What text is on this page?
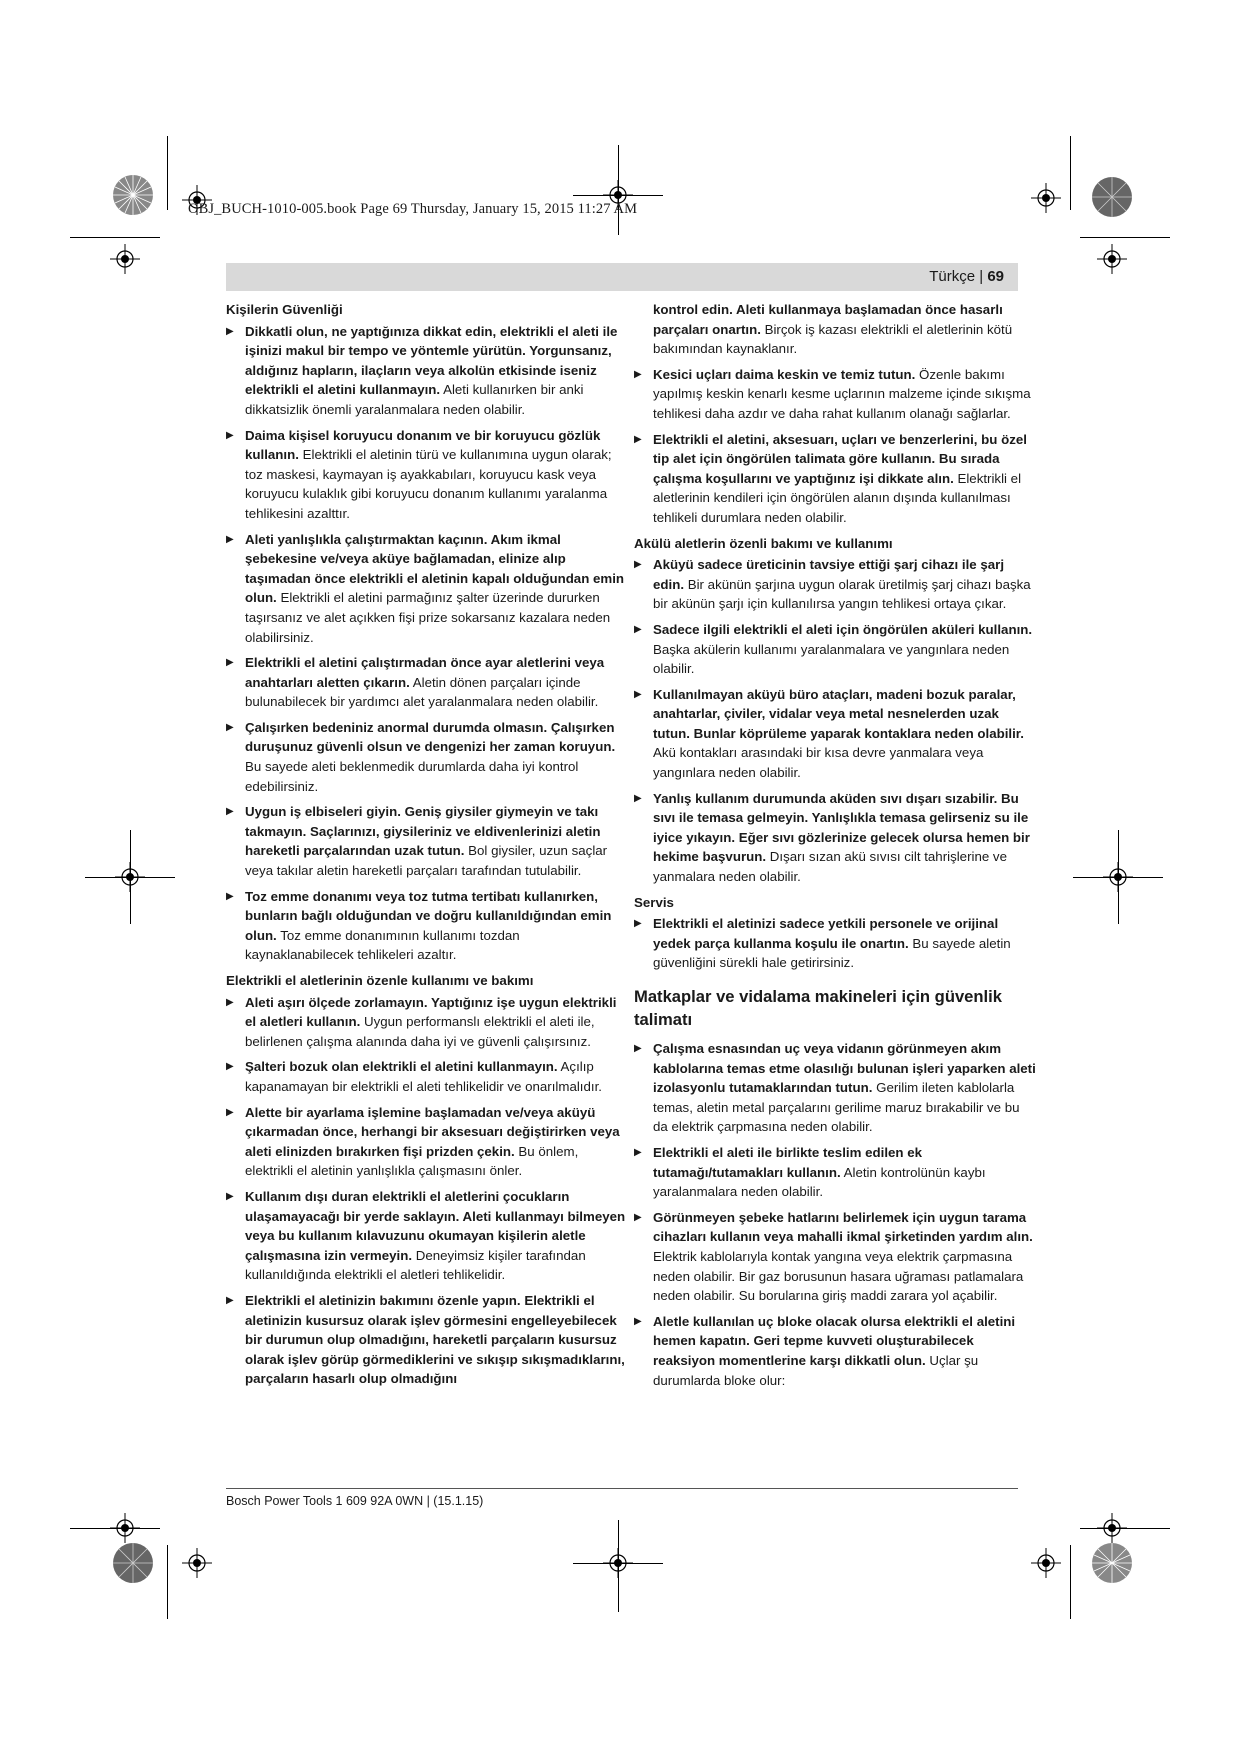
OBJ_BUCH-1010-005.book Page 69 Thursday, January 15, 2015 11:27 AM
Türkçe | 69
Kişilerin Güvenliği
▶ Dikkatli olun, ne yaptığınıza dikkat edin, elektrikli el aleti ile işinizi makul bir tempo ve yöntemle yürütün. Yorgunsanız, aldığınız hapların, ilaçların veya alkolün etkisinde iseniz elektrikli el aletini kullanmayın. Aleti kullanırken bir anki dikkatsizlik önemli yaralanmalara neden olabilir.
▶ Daima kişisel koruyucu donanım ve bir koruyucu gözlük kullanın. Elektrikli el aletinin türü ve kullanımına uygun olarak; toz maskesi, kaymayan iş ayakkabıları, koruyucu kask veya koruyucu kulaklık gibi koruyucu donanım kullanımı yaralanma tehlikesini azalttır.
▶ Aleti yanlışlıkla çalıştırmaktan kaçının. Akım ikmal şebekesine ve/veya aküye bağlamadan, elinize alıp taşımadan önce elektrikli el aletinin kapalı olduğundan emin olun. Elektrikli el aletini parmağınız şalter üzerinde dururken taşırsanız ve alet açıkken fişi prize sokarsanız kazalara neden olabilirsiniz.
▶ Elektrikli el aletini çalıştırmadan önce ayar aletlerini veya anahtarları aletten çıkarın. Aletin dönen parçaları içinde bulunabilecek bir yardımcı alet yaralanmalara neden olabilir.
▶ Çalışırken bedeniniz anormal durumda olmasın. Çalışırken duruşunuz güvenli olsun ve dengenizi her zaman koruyun. Bu sayede aleti beklenmedik durumlarda daha iyi kontrol edebilirsiniz.
▶ Uygun iş elbiseleri giyin. Geniş giysiler giymeyin ve takı takmayın. Saçlarınızı, giysileriniz ve eldivenlerinizi aletin hareketli parçalarından uzak tutun. Bol giysiler, uzun saçlar veya takılar aletin hareketli parçaları tarafından tutulabilir.
▶ Toz emme donanımı veya toz tutma tertibatı kullanırken, bunların bağlı olduğundan ve doğru kullanıldığından emin olun. Toz emme donanımının kullanımı tozdan kaynaklanabilecek tehlikeleri azaltır.
Elektrikli el aletlerinin özenle kullanımı ve bakımı
▶ Aleti aşırı ölçede zorlamayın. Yaptığınız işe uygun elektrikli el aletleri kullanın. Uygun performanslı elektrikli el aleti ile, belirlenen çalışma alanında daha iyi ve güvenli çalışırsınız.
▶ Şalteri bozuk olan elektrikli el aletini kullanmayın. Açılıp kapanamayan bir elektrikli el aleti tehlikelidir ve onarılmalıdır.
▶ Alette bir ayarlama işlemine başlamadan ve/veya aküyü çıkarmadan önce, herhangi bir aksesuarı değiştirirken veya aleti elinizden bırakırken fişi prizden çekin. Bu önlem, elektrikli el aletinin yanlışlıkla çalışmasını önler.
▶ Kullanım dışı duran elektrikli el aletlerini çocukların ulaşamayacağı bir yerde saklayın. Aleti kullanmayı bilmeyen veya bu kullanım kılavuzunu okumayan kişilerin aletle çalışmasına izin vermeyin. Deneyimsiz kişiler tarafından kullanıldığında elektrikli el aletleri tehlikelidir.
▶ Elektrikli el aletinizin bakımını özenle yapın. Elektrikli el aletinizin kusursuz olarak işlev görmesini engelleyebilecek bir durumun olup olmadığını, hareketli parçaların kusursuz olarak işlev görüp görmediklerini ve sıkışıp sıkışmadıklarını, parçaların hasarlı olup olmadığını
kontrol edin. Aleti kullanmaya başlamadan önce hasarlı parçaları onartın. Birçok iş kazası elektrikli el aletlerinin kötü bakımından kaynaklanır.
▶ Kesici uçları daima keskin ve temiz tutun. Özenle bakımı yapılmış keskin kenarlı kesme uçlarının malzeme içinde sıkışma tehlikesi daha azdır ve daha rahat kullanım olanağı sağlarlar.
▶ Elektrikli el aletini, aksesuarı, uçları ve benzerlerini, bu özel tip alet için öngörülen talimata göre kullanın. Bu sırada çalışma koşullarını ve yaptığınız işi dikkate alın. Elektrikli el aletlerinin kendileri için öngörülen alanın dışında kullanılması tehlikeli durumlara neden olabilir.
Akülü aletlerin özenli bakımı ve kullanımı
▶ Aküyü sadece üreticinin tavsiye ettiği şarj cihazı ile şarj edin. Bir akünün şarjına uygun olarak üretilmiş şarj cihazı başka bir akünün şarjı için kullanılırsa yangın tehlikesi ortaya çıkar.
▶ Sadece ilgili elektrikli el aleti için öngörülen aküleri kullanın. Başka akülerin kullanımı yaralanmalara ve yangınlara neden olabilir.
▶ Kullanılmayan aküyü büro ataçları, madeni bozuk paralar, anahtarlar, çiviler, vidalar veya metal nesnelerden uzak tutun. Bunlar köprüleme yaparak kontaklara neden olabilir. Akü kontakları arasındaki bir kısa devre yanmalara veya yangınlara neden olabilir.
▶ Yanlış kullanım durumunda aküden sıvı dışarı sızabilir. Bu sıvı ile temasa gelmeyin. Yanlışlıkla temasa gelirseniz su ile iyice yıkayın. Eğer sıvı gözlerinize gelecek olursa hemen bir hekime başvurun. Dışarı sızan akü sıvısı cilt tahrişlerine ve yanmalara neden olabilir.
Servis
▶ Elektrikli el aletinizi sadece yetkili personele ve orijinal yedek parça kullanma koşulu ile onartın. Bu sayede aletin güvenliğini sürekli hale getirirsiniz.
Matkaplar ve vidalama makineleri için güvenlik talimatı
▶ Çalışma esnasından uç veya vidanın görünmeyen akım kablolarına temas etme olasılığı bulunan işleri yaparken aleti izolasyonlu tutamaklarından tutun. Gerilim ileten kablolarla temas, aletin metal parçalarını gerilime maruz bırakabilir ve bu da elektrik çarpmasına neden olabilir.
▶ Elektrikli el aleti ile birlikte teslim edilen ek tutamağı/tutamakları kullanın. Aletin kontrolünün kaybı yaralanmalara neden olabilir.
▶ Görünmeyen şebeke hatlarını belirlemek için uygun tarama cihazları kullanın veya mahalli ikmal şirketinden yardım alın. Elektrik kablolarıyla kontak yangına veya elektrik çarpmasına neden olabilir. Bir gaz borusunun hasara uğraması patlamalara neden olabilir. Su borularına giriş maddi zarara yol açabilir.
▶ Aletle kullanılan uç bloke olacak olursa elektrikli el aletini hemen kapatın. Geri tepme kuvveti oluşturabilecek reaksiyon momentlerine karşı dikkatli olun. Uçlar şu durumlarda bloke olur:
Bosch Power Tools 1 609 92A 0WN | (15.1.15)
